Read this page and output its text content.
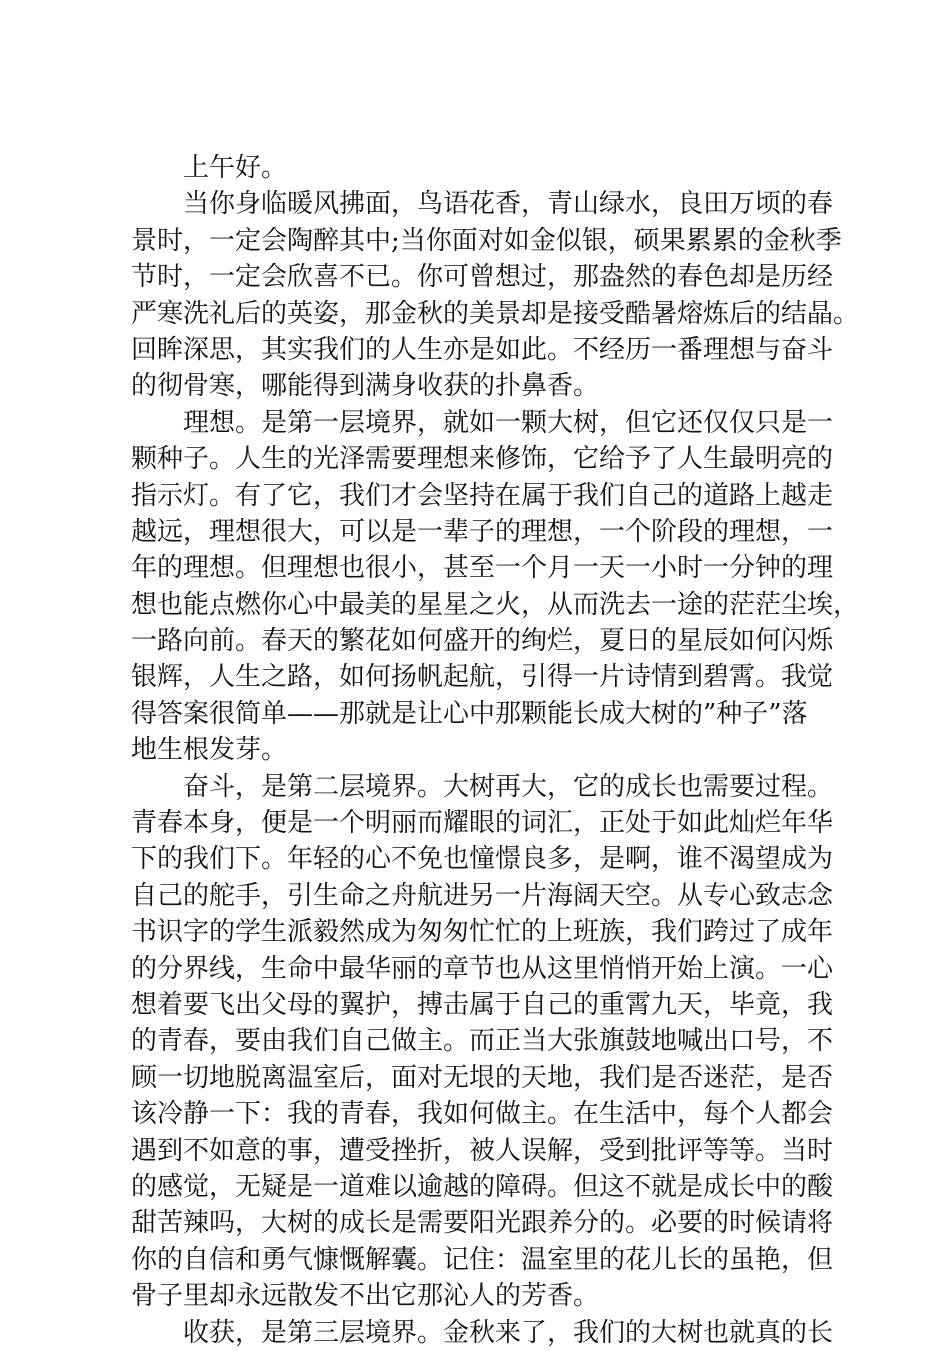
上午好。
当你身临暖风拂面，鸟语花香，青山绿水，良田万顷的春
景时，一定会陶醉其中;当你面对如金似银，硕果累累的金秋季
节时，一定会欣喜不已。你可曾想过，那盎然的春色却是历经
严寒洗礼后的英姿，那金秋的美景却是接受酷暑熔炼后的结晶。
回眸深思，其实我们的人生亦是如此。不经历一番理想与奋斗
的彻骨寒，哪能得到满身收获的扑鼻香。
理想。是第一层境界，就如一颗大树，但它还仅仅只是一
颗种子。人生的光泽需要理想来修饰，它给予了人生最明亮的
指示灯。有了它，我们才会坚持在属于我们自己的道路上越走
越远，理想很大，可以是一辈子的理想，一个阶段的理想，一
年的理想。但理想也很小，甚至一个月一天一小时一分钟的理
想也能点燃你心中最美的星星之火，从而洗去一途的茫茫尘埃，
一路向前。春天的繁花如何盛开的绚烂，夏日的星辰如何闪烁
银辉，人生之路，如何扬帆起航，引得一片诗情到碧霄。我觉
得答案很简单——那就是让心中那颗能长成大树的”种子”落
地生根发芽。
奋斗，是第二层境界。大树再大，它的成长也需要过程。
青春本身，便是一个明丽而耀眼的词汇，正处于如此灿烂年华
下的我们下。年轻的心不免也憧憬良多，是啊，谁不渴望成为
自己的舵手，引生命之舟航进另一片海阔天空。从专心致志念
书识字的学生派毅然成为匆匆忙忙的上班族，我们跨过了成年
的分界线，生命中最华丽的章节也从这里悄悄开始上演。一心
想着要飞出父母的翼护，搏击属于自己的重霄九天，毕竟，我
的青春，要由我们自己做主。而正当大张旗鼓地喊出口号，不
顾一切地脱离温室后，面对无垠的天地，我们是否迷茫，是否
该冷静一下：我的青春，我如何做主。在生活中，每个人都会
遇到不如意的事，遭受挫折，被人误解，受到批评等等。当时
的感觉，无疑是一道难以逾越的障碍。但这不就是成长中的酸
甜苦辣吗，大树的成长是需要阳光跟养分的。必要的时候请将
你的自信和勇气慷慨解囊。记住：温室里的花儿长的虽艳，但
骨子里却永远散发不出它那沁人的芳香。
收获，是第三层境界。金秋来了，我们的大树也就真的长
